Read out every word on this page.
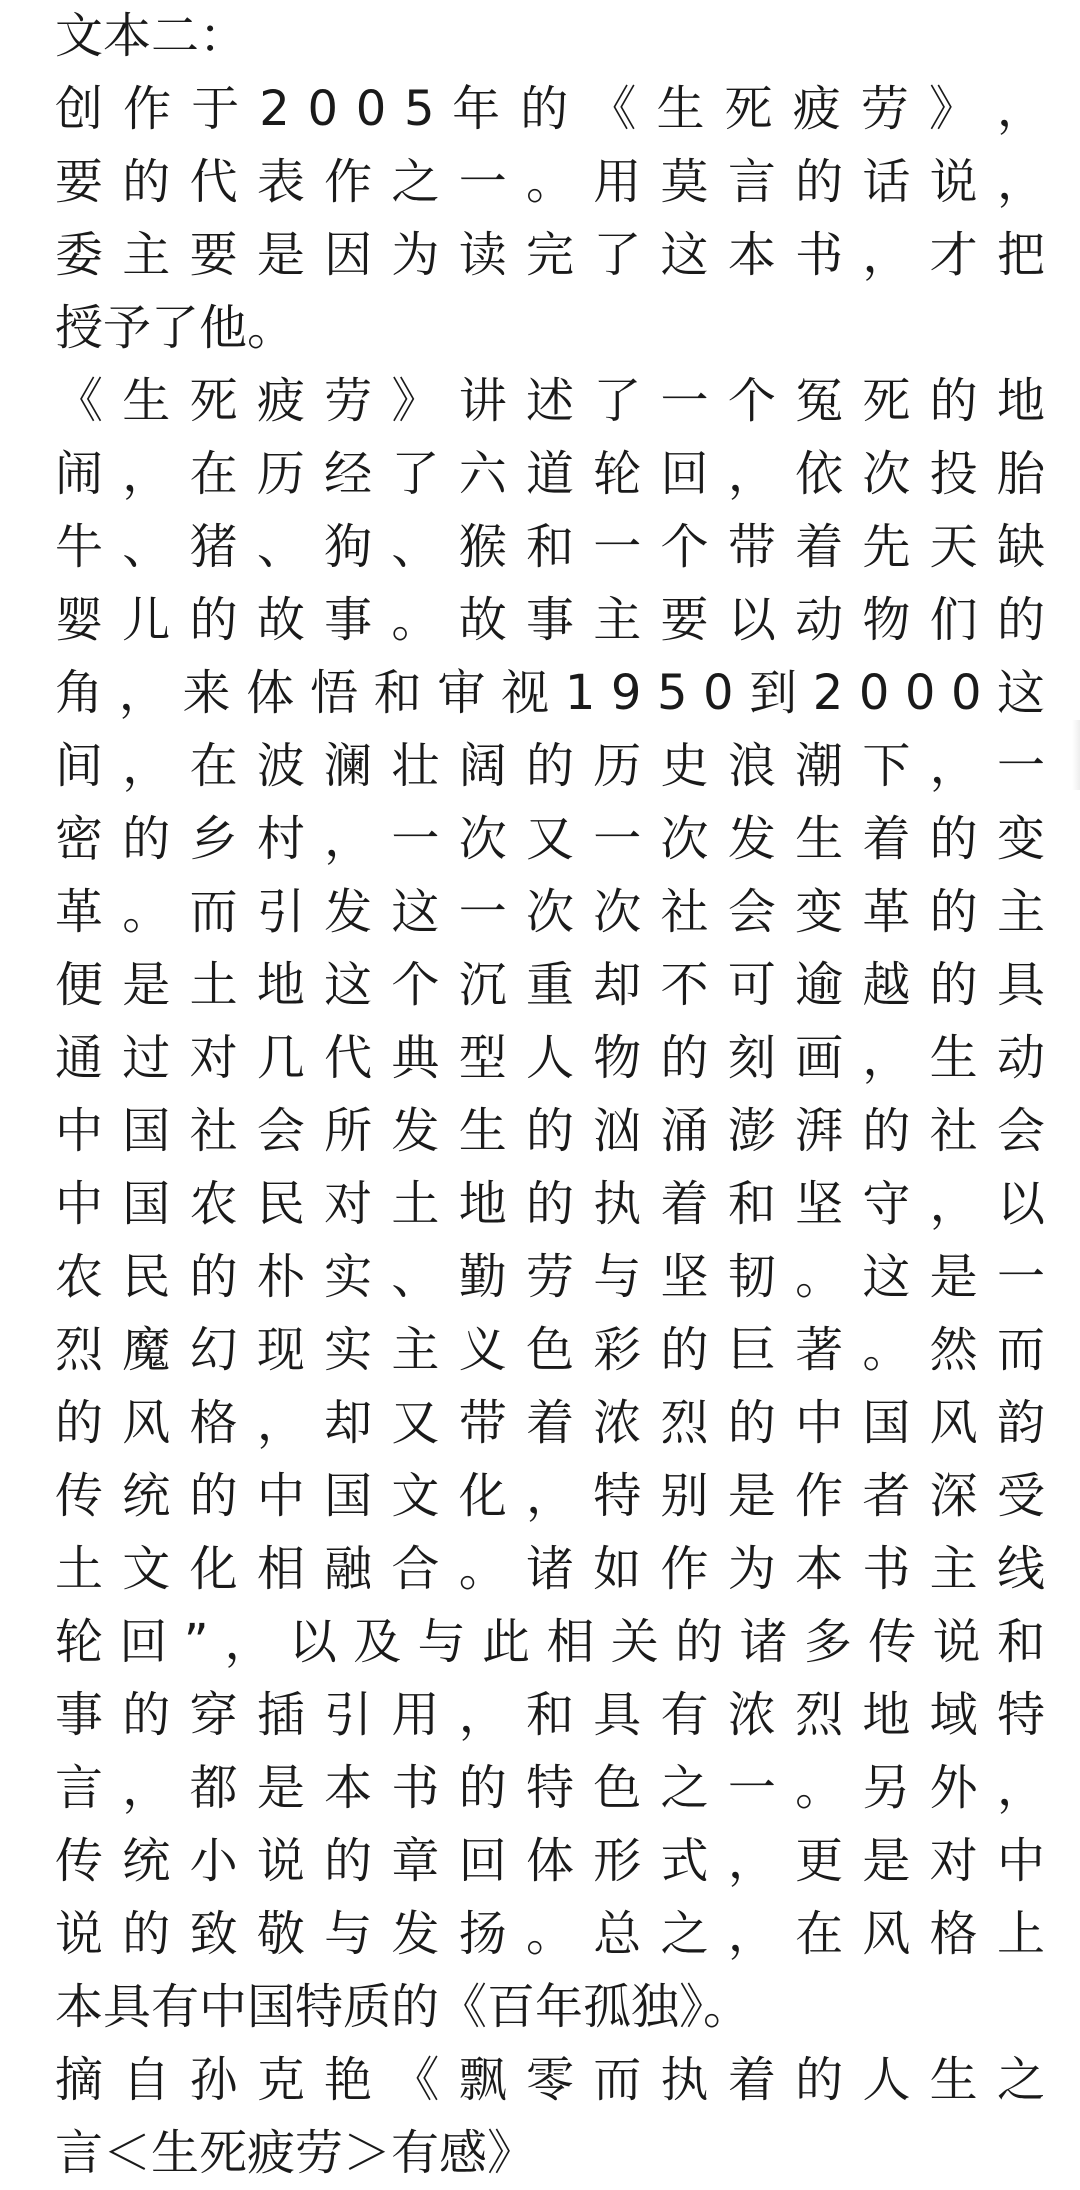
文本二：
创 作 于 2 0 0 5 年 的 《 生 死 疲 劳 》 ，
要 的 代 表 作 之 一 。 用 莫 言 的 话 说 ，
委 主 要 是 因 为 读 完 了 这 本 书 ， 才 把
授予了他。
《 生 死 疲 劳 》 讲 述 了 一 个 冤 死 的 地
闹 ， 在 历 经 了 六 道 轮 回 ， 依 次 投 胎
牛 、 猪 、 狗 、 猴 和 一 个 带 着 先 天 缺
婴 儿 的 故 事 。 故 事 主 要 以 动 物 们 的
角 ， 来 体 悟 和 审 视 1 9 5 0 到 2 0 0 0 这
间 ， 在 波 澜 壮 阔 的 历 史 浪 潮 下 ， 一
密 的 乡 村 ， 一 次 又 一 次 发 生 着 的 变
革 。 而 引 发 这 一 次 次 社 会 变 革 的 主
便 是 土 地 这 个 沉 重 却 不 可 逾 越 的 具
通 过 对 几 代 典 型 人 物 的 刻 画 ， 生 动
中 国 社 会 所 发 生 的 汹 涌 澎 湃 的 社 会
中 国 农 民 对 土 地 的 执 着 和 坚 守 ， 以
农 民 的 朴 实 、 勤 劳 与 坚 韧 。 这 是 一
烈 魔 幻 现 实 主 义 色 彩 的 巨 著 。 然 而
的 风 格 ， 却 又 带 着 浓 烈 的 中 国 风 韵
传 统 的 中 国 文 化 ， 特 别 是 作 者 深 受
土 文 化 相 融 合 。 诸 如 作 为 本 书 主 线
轮 回 ” ， 以 及 与 此 相 关 的 诸 多 传 说 和
事 的 穿 插 引 用 ， 和 具 有 浓 烈 地 域 特
言 ， 都 是 本 书 的 特 色 之 一 。 另 外 ，
传 统 小 说 的 章 回 体 形 式 ， 更 是 对 中
说 的 致 敬 与 发 扬 。 总 之 ， 在 风 格 上
本具有中国特质的《百年孤独》。
摘 自 孙 克 艳 《 飘 零 而 执 着 的 人 生 之
言＜生死疲劳＞有感》
